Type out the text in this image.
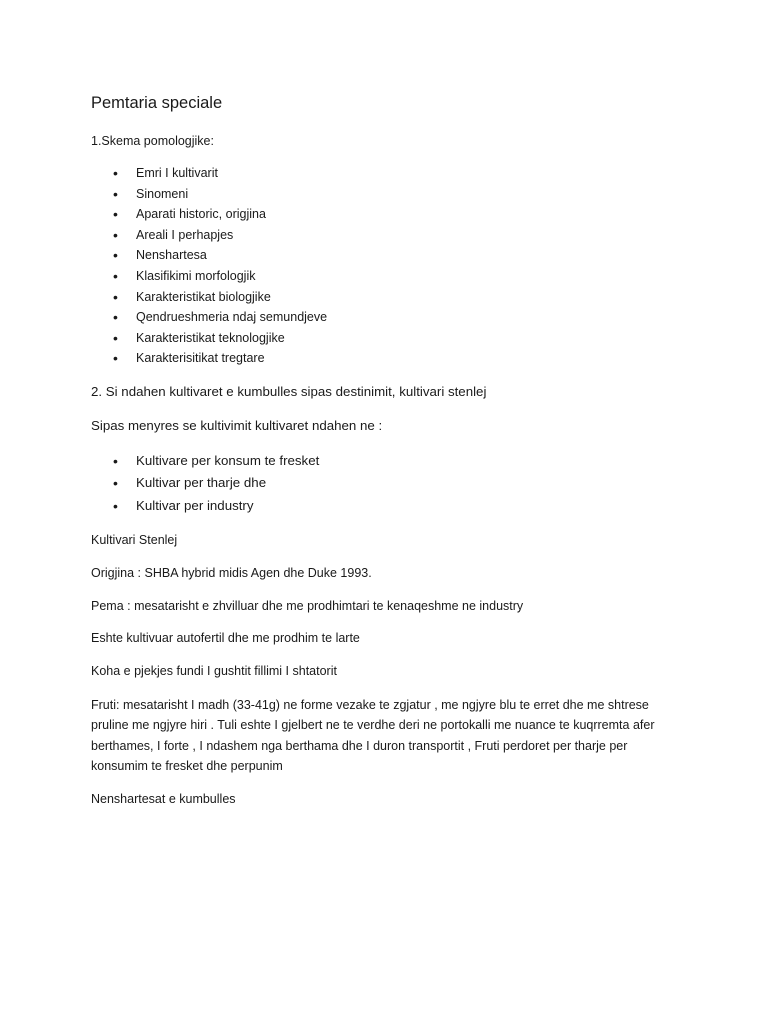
Pemtaria speciale

1.Skema pomologjike:

• Emri I kultivarit
• Sinomeni
• Aparati historic, origjina
• Areali I perhapjes
• Nenshartesa
• Klasifikimi morfologjik
• Karakteristikat biologjike
• Qendrueshmeria ndaj semundjeve
• Karakteristikat teknologjike
• Karakterisitikat tregtare

2. Si ndahen kultivaret e kumbulles sipas destinimit, kultivari stenlej

Sipas menyres se kultivimit kultivaret ndahen ne :

• Kultivare per konsum te fresket
• Kultivar per tharje dhe
• Kultivar per industry

Kultivari Stenlej

Origjina : SHBA hybrid midis Agen dhe Duke 1993.

Pema : mesatarisht e zhvilluar dhe me prodhimtari te kenaqeshme ne industry

Eshte kultivuar autofertil dhe me prodhim te larte

Koha e pjekjes fundi I gushtit fillimi I shtatorit

Fruti: mesatarisht I madh (33-41g) ne forme vezake te zgjatur , me ngjyre blu te erret dhe me shtrese
pruline me ngjyre hiri . Tuli eshte I gjelbert ne te verdhe deri ne portokalli me nuance te kuqrremta afer
berthames, I forte , I ndashem nga berthama dhe I duron transportit , Fruti perdoret per tharje per
konsumim te fresket dhe perpunim

Nenshartesat e kumbulles
